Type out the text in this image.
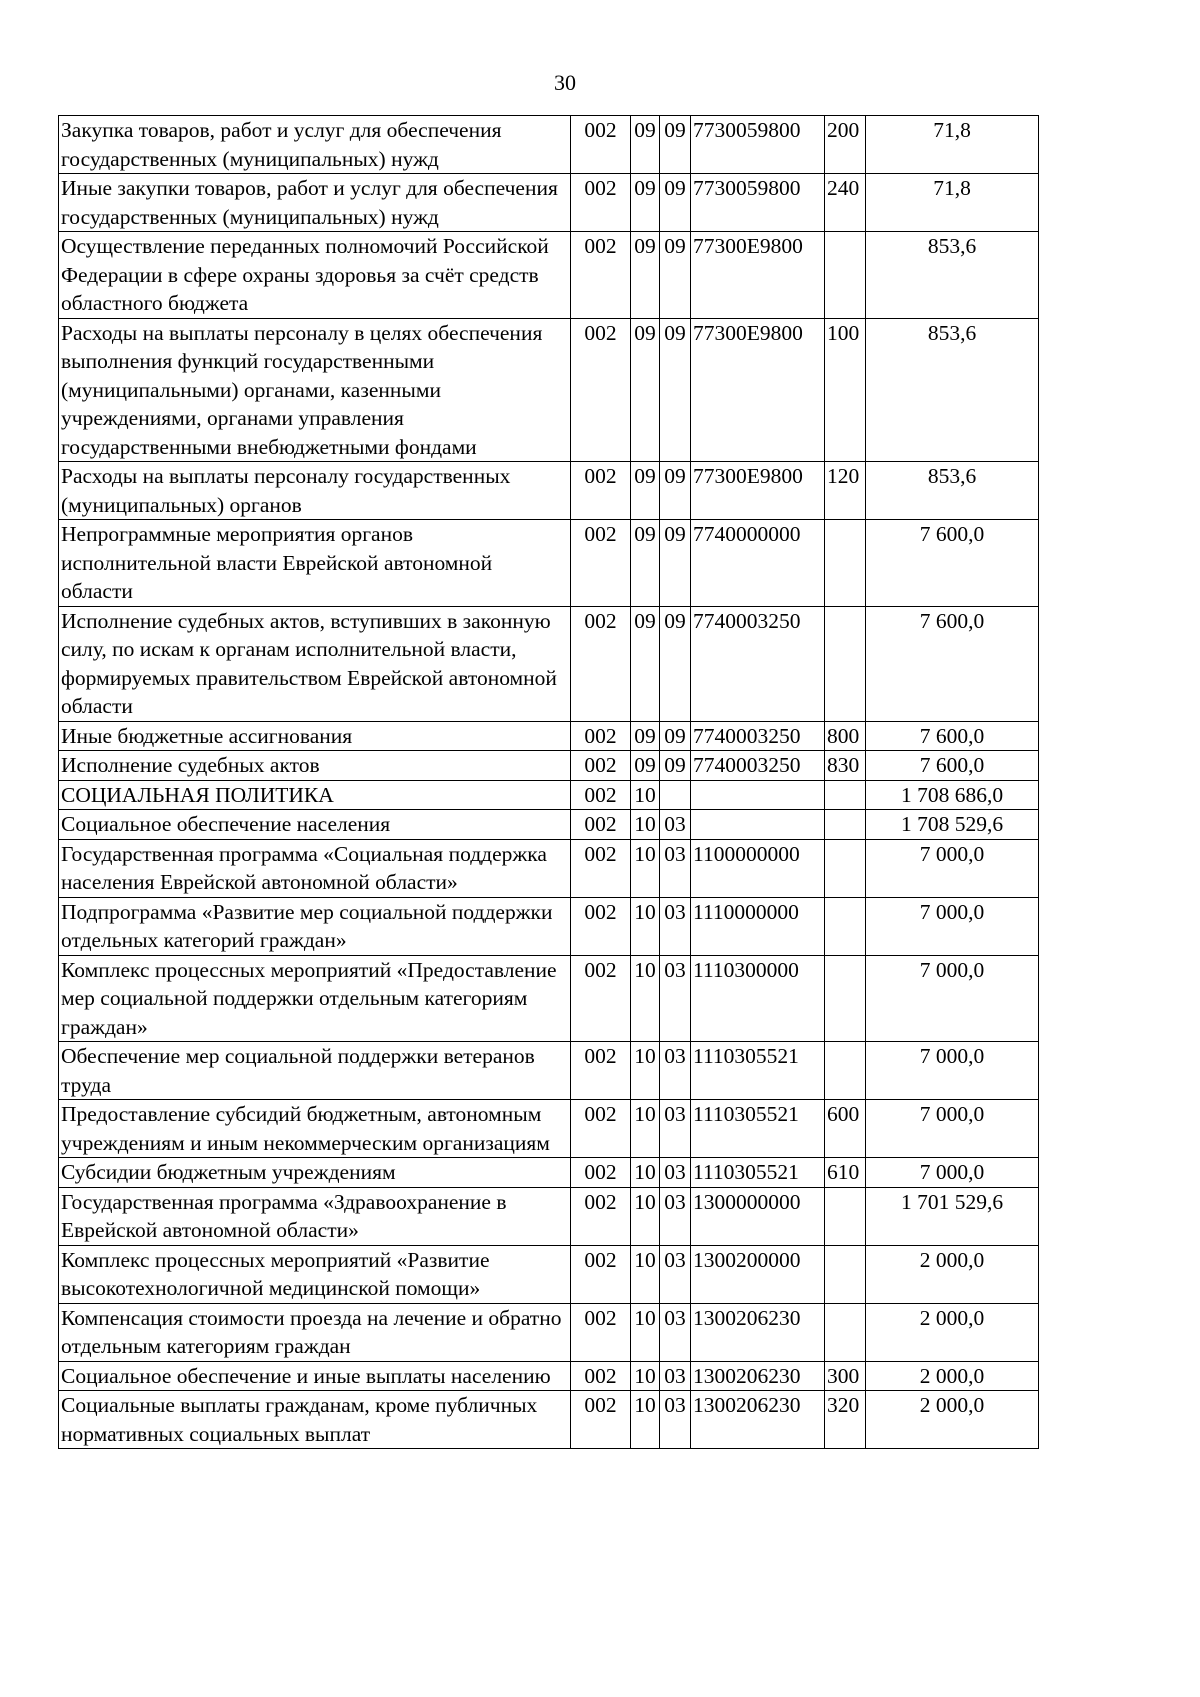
30
Закупка товаров, работ и услуг для обеспечения государственных (муниципальных) нужд	002	09	09	7730059800	200	71,8
Иные закупки товаров, работ и услуг для обеспечения государственных (муниципальных) нужд	002	09	09	7730059800	240	71,8
Осуществление переданных полномочий Российской Федерации в сфере охраны здоровья за счёт средств областного бюджета	002	09	09	77300Е9800		853,6
Расходы на выплаты персоналу в целях обеспечения выполнения функций государственными (муниципальными) органами, казенными учреждениями, органами управления государственными внебюджетными фондами	002	09	09	77300Е9800	100	853,6
Расходы на выплаты персоналу государственных (муниципальных) органов	002	09	09	77300Е9800	120	853,6
Непрограммные мероприятия органов исполнительной власти Еврейской автономной области	002	09	09	7740000000		7 600,0
Исполнение судебных актов, вступивших в законную силу, по искам к органам исполнительной власти, формируемых правительством Еврейской автономной области	002	09	09	7740003250		7 600,0
Иные бюджетные ассигнования	002	09	09	7740003250	800	7 600,0
Исполнение судебных актов	002	09	09	7740003250	830	7 600,0
СОЦИАЛЬНАЯ ПОЛИТИКА	002	10				1 708 686,0
Социальное обеспечение населения	002	10	03			1 708 529,6
Государственная программа «Социальная поддержка населения Еврейской автономной области»	002	10	03	1100000000		7 000,0
Подпрограмма «Развитие мер социальной поддержки отдельных категорий граждан»	002	10	03	1110000000		7 000,0
Комплекс процессных мероприятий «Предоставление мер социальной поддержки отдельным категориям граждан»	002	10	03	1110300000		7 000,0
Обеспечение мер социальной поддержки ветеранов труда	002	10	03	1110305521		7 000,0
Предоставление субсидий бюджетным, автономным учреждениям и иным некоммерческим организациям	002	10	03	1110305521	600	7 000,0
Субсидии бюджетным учреждениям	002	10	03	1110305521	610	7 000,0
Государственная программа «Здравоохранение в Еврейской автономной области»	002	10	03	1300000000		1 701 529,6
Комплекс процессных мероприятий «Развитие высокотехнологичной медицинской помощи»	002	10	03	1300200000		2 000,0
Компенсация стоимости проезда на лечение и обратно отдельным категориям граждан	002	10	03	1300206230		2 000,0
Социальное обеспечение и иные выплаты населению	002	10	03	1300206230	300	2 000,0
Социальные выплаты гражданам, кроме публичных нормативных социальных выплат	002	10	03	1300206230	320	2 000,0
